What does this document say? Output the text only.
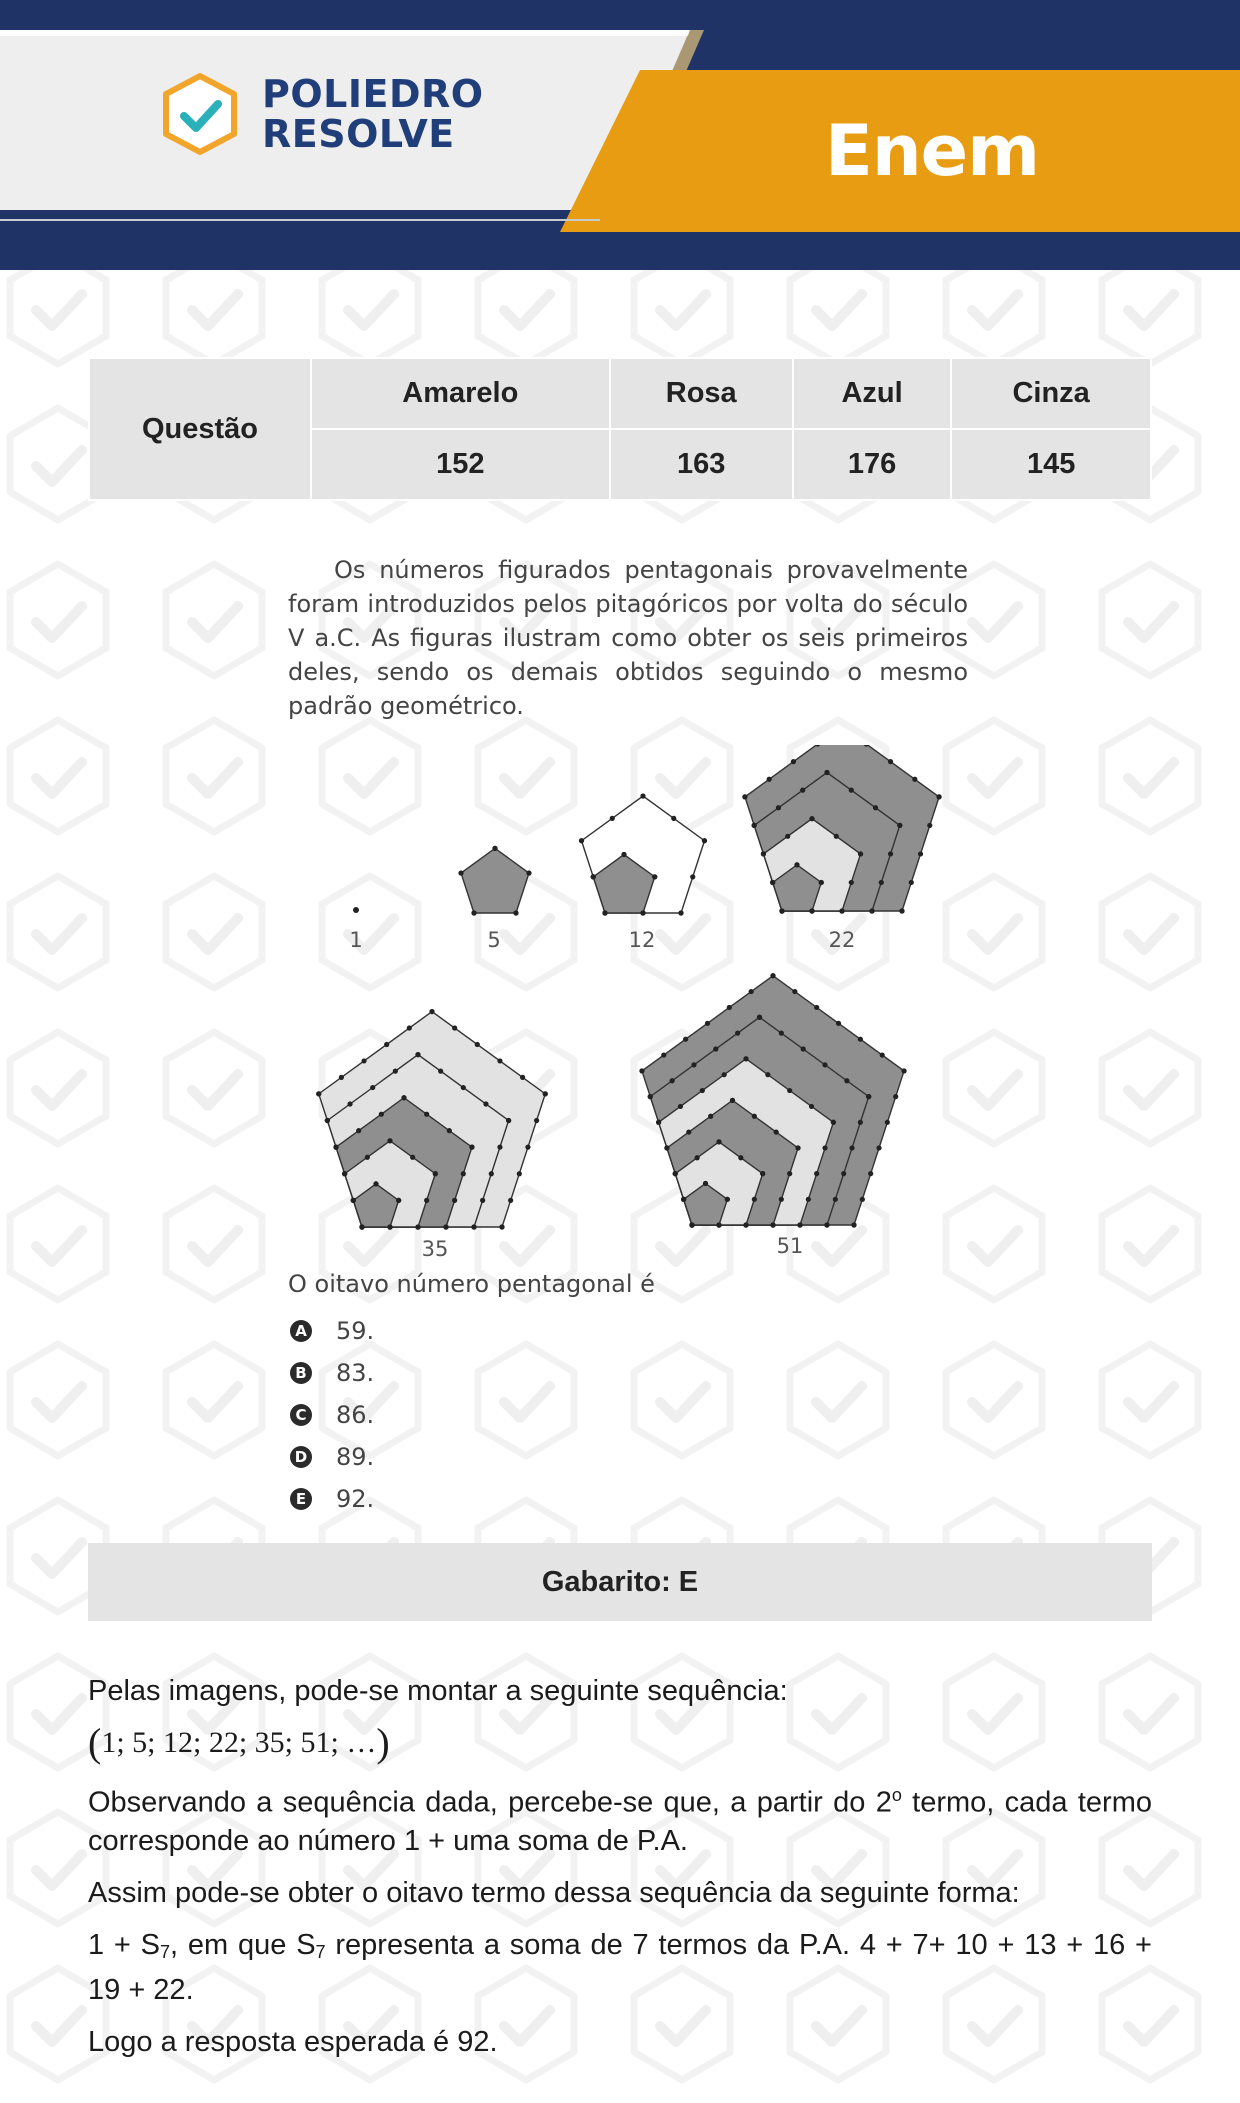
POLIEDRO
RESOLVE	Enem
Questão	Amarelo	Rosa	Azul	Cinza
	152	163	176	145
Os números figurados pentagonais provavelmente foram introduzidos pelos pitagóricos por volta do século V a.C. As figuras ilustram como obter os seis primeiros deles, sendo os demais obtidos seguindo o mesmo padrão geométrico.
1	5	12	22
35	51
O oitavo número pentagonal é
A 59.
B 83.
C 86.
D 89.
E 92.
Gabarito: E

Pelas imagens, pode-se montar a seguinte sequência:

(1; 5; 12; 22; 35; 51; …)

Observando a sequência dada, percebe-se que, a partir do 2$^o$ termo, cada termo corresponde ao número 1 + uma soma de P.A.

Assim pode-se obter o oitavo termo dessa sequência da seguinte forma:

$1 + S_7$, em que $S_7$ representa a soma de 7 termos da P.A. 4 + 7+ 10 + 13 + 16 + 19 + 22.

Logo a resposta esperada é 92.
